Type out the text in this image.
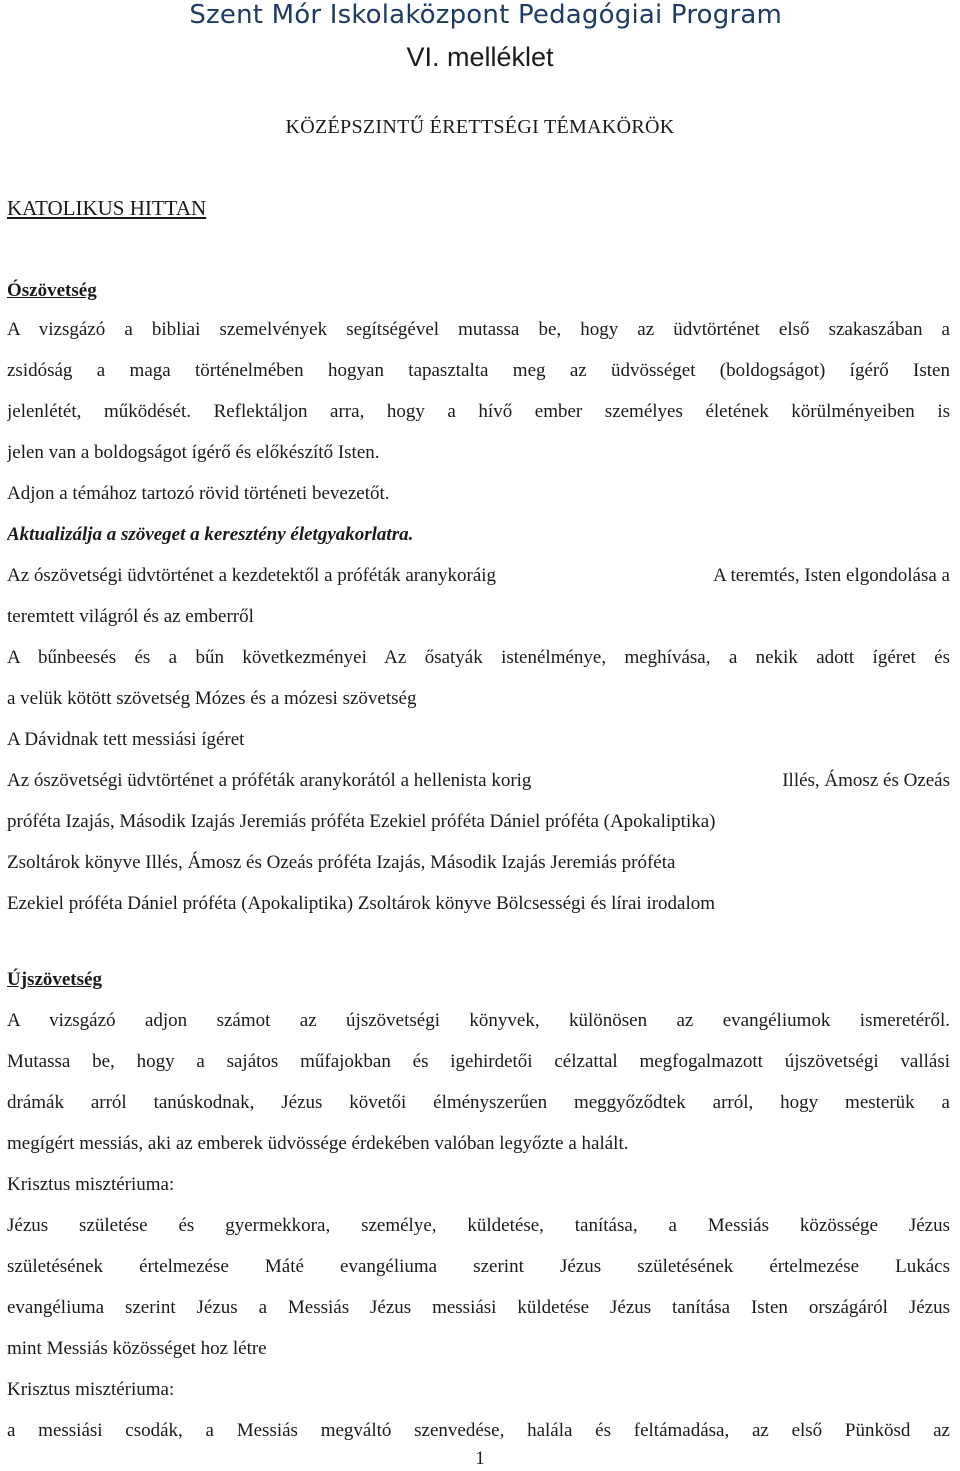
Szent Mór Iskolaközpont Pedagógiai Program
VI. melléklet
KÖZÉPSZINTŰ ÉRETTSÉGI TÉMAKÖRÖK
KATOLIKUS HITTAN
Ószövetség
A vizsgázó a bibliai szemelvények segítségével mutassa be, hogy az üdvtörténet első szakaszában a
zsidóság a maga történelmében hogyan tapasztalta meg az üdvösséget (boldogságot) ígérő Isten
jelenlétét, működését. Reflektáljon arra, hogy a hívő ember személyes életének körülményeiben is
jelen van a boldogságot ígérő és előkészítő Isten.
Adjon a témához tartozó rövid történeti bevezetőt.
Aktualizálja a szöveget a keresztény életgyakorlatra.
Az ószövetségi üdvtörténet a kezdetektől a próféták aranykoráig	A teremtés, Isten elgondolása a
teremtett világról és az emberről
A bűnbeesés és a bűn következményei Az ősatyák istenélménye, meghívása, a nekik adott ígéret és
a velük kötött szövetség Mózes és a mózesi szövetség
A Dávidnak tett messiási ígéret
Az ószövetségi üdvtörténet a próféták aranykorától a hellenista korig	Illés, Ámosz és Ozeás
próféta Izajás, Második Izajás Jeremiás próféta Ezekiel próféta Dániel próféta (Apokaliptika)
Zsoltárok könyve Illés, Ámosz és Ozeás próféta Izajás, Második Izajás Jeremiás próféta
Ezekiel próféta Dániel próféta (Apokaliptika) Zsoltárok könyve Bölcsességi és lírai irodalom
Újszövetség
A vizsgázó adjon számot az újszövetségi könyvek, különösen az evangéliumok ismeretéről.
Mutassa be, hogy a sajátos műfajokban és igehirdetői célzattal megfogalmazott újszövetségi vallási
drámák arról tanúskodnak, Jézus követői élményszerűen meggyőződtek arról, hogy mesterük a
megígért messiás, aki az emberek üdvössége érdekében valóban legyőzte a halált.
Krisztus misztériuma:
Jézus születése és gyermekkora, személye, küldetése, tanítása, a Messiás közössége Jézus
születésének értelmezése Máté evangéliuma szerint Jézus születésének értelmezése Lukács
evangéliuma szerint Jézus a Messiás Jézus messiási küldetése Jézus tanítása Isten országáról Jézus
mint Messiás közösséget hoz létre
Krisztus misztériuma:
a messiási csodák, a Messiás megváltó szenvedése, halála és feltámadása, az első Pünkösd az
1
